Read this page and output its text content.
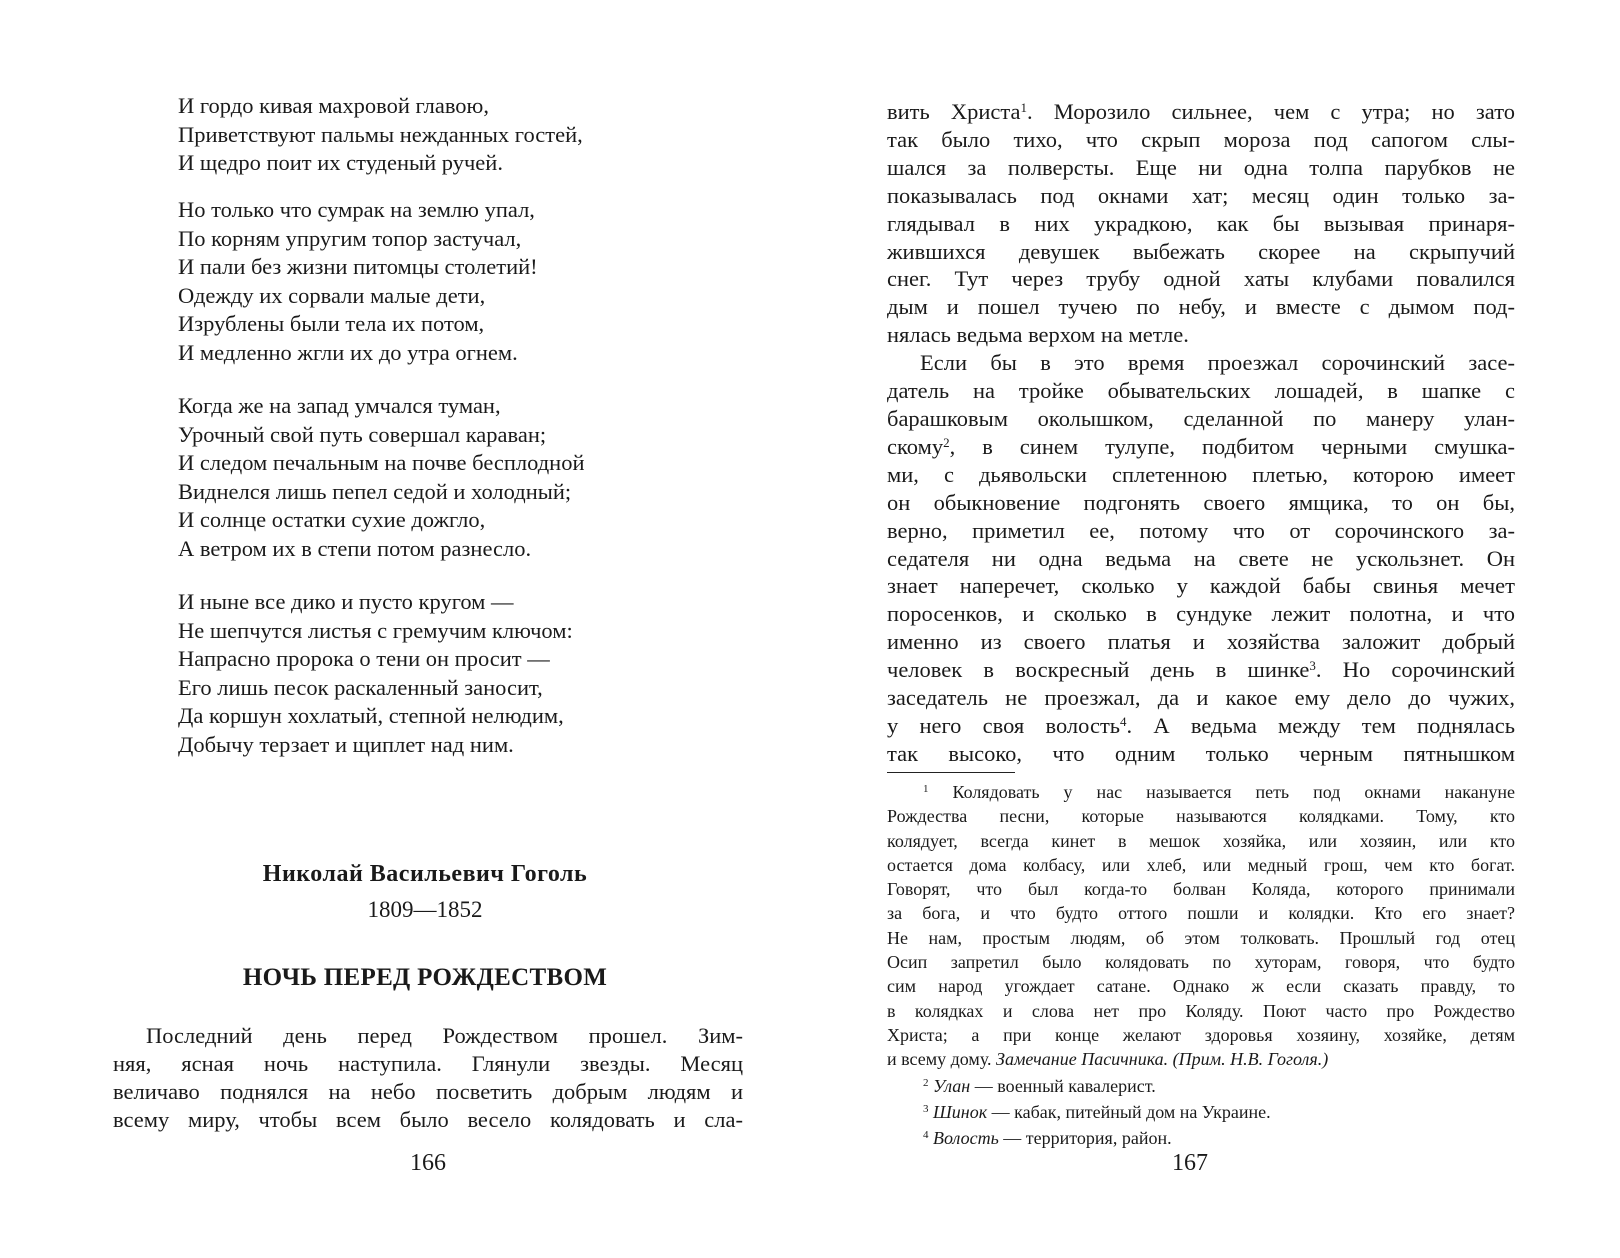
И гордо кивая махровой главою,
Приветствуют пальмы нежданных гостей,
И щедро поит их студеный ручей.
Но только что сумрак на землю упал,
По корням упругим топор застучал,
И пали без жизни питомцы столетий!
Одежду их сорвали малые дети,
Изрублены были тела их потом,
И медленно жгли их до утра огнем.
Когда же на запад умчался туман,
Урочный свой путь совершал караван;
И следом печальным на почве бесплодной
Виднелся лишь пепел седой и холодный;
И солнце остатки сухие дожгло,
А ветром их в степи потом разнесло.
И ныне все дико и пусто кругом —
Не шепчутся листья с гремучим ключом:
Напрасно пророка о тени он просит —
Его лишь песок раскаленный заносит,
Да коршун хохлатый, степной нелюдим,
Добычу терзает и щиплет над ним.
Николай Васильевич Гоголь
1809—1852
НОЧЬ ПЕРЕД РОЖДЕСТВОМ
Последний день перед Рождеством прошел. Зим-
няя, ясная ночь наступила. Глянули звезды. Месяц
величаво поднялся на небо посветить добрым людям и
всему миру, чтобы всем было весело колядовать и сла-
166
вить Христа$^1$. Морозило сильнее, чем с утра; но зато
так было тихо, что скрып мороза под сапогом слы-
шался за полверсты. Еще ни одна толпа парубков не
показывалась под окнами хат; месяц один только за-
глядывал в них украдкою, как бы вызывая принаря-
жившихся девушек выбежать скорее на скрыпучий
снег. Тут через трубу одной хаты клубами повалился
дым и пошел тучею по небу, и вместе с дымом под-
нялась ведьма верхом на метле.
Если бы в это время проезжал сорочинский засе-
датель на тройке обывательских лошадей, в шапке с
барашковым околышком, сделанной по манеру улан-
скому$^2$, в синем тулупе, подбитом черными смушка-
ми, с дьявольски сплетенною плетью, которою имеет
он обыкновение подгонять своего ямщика, то он бы,
верно, приметил ее, потому что от сорочинского за-
седателя ни одна ведьма на свете не ускользнет. Он
знает наперечет, сколько у каждой бабы свинья мечет
поросенков, и сколько в сундуке лежит полотна, и что
именно из своего платья и хозяйства заложит добрый
человек в воскресный день в шинке$^3$. Но сорочинский
заседатель не проезжал, да и какое ему дело до чужих,
у него своя волость$^4$. А ведьма между тем поднялась
так высоко, что одним только черным пятнышком
$^1$ Колядовать у нас называется петь под окнами накануне
Рождества песни, которые называются колядками. Тому, кто
колядует, всегда кинет в мешок хозяйка, или хозяин, или кто
остается дома колбасу, или хлеб, или медный грош, чем кто богат.
Говорят, что был когда-то болван Коляда, которого принимали
за бога, и что будто оттого пошли и колядки. Кто его знает?
Не нам, простым людям, об этом толковать. Прошлый год отец
Осип запретил было колядовать по хуторам, говоря, что будто
сим народ угождает сатане. Однако ж если сказать правду, то
в колядках и слова нет про Коляду. Поют часто про Рождество
Христа; а при конце желают здоровья хозяину, хозяйке, детям
и всему дому. Замечание Пасичника. (Прим. Н.В. Гоголя.)
$^2$ Улан — военный кавалерист.
$^3$ Шинок — кабак, питейный дом на Украине.
$^4$ Волость — территория, район.
167
